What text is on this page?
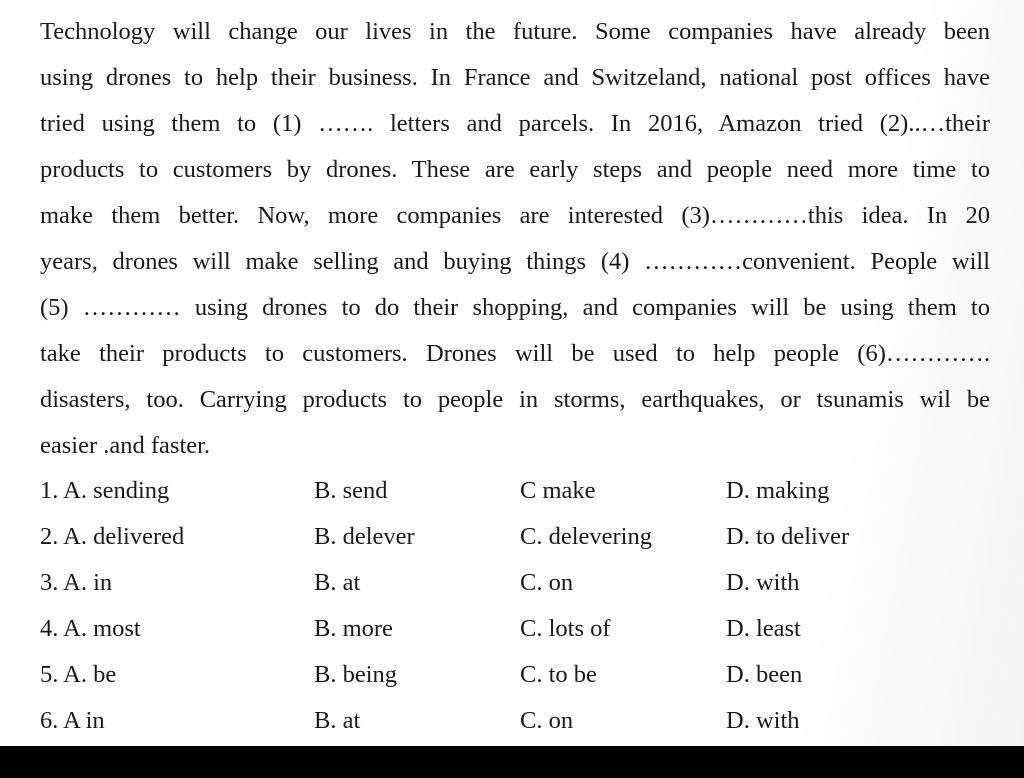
Technology will change our lives in the future. Some companies have already been
using drones to help their business. In France and Switzeland, national post offices have
tried using them to (1) ……. letters and parcels. In 2016, Amazon tried (2)..…their
products to customers by drones. These are early steps and people need more time to
make them better. Now, more companies are interested (3)…………this idea. In 20
years, drones will make selling and buying things (4) …………convenient. People will
(5) ………… using drones to do their shopping, and companies will be using them to
take their products to customers. Drones will be used to help people (6)………….
disasters, too. Carrying products to people in storms, earthquakes, or tsunamis wil be
easier .and faster.
1. A. sending	B. send	C make	D. making
2. A. delivered	B. delever	C. delevering	D. to deliver
3. A. in	B. at	C. on	D. with
4. A. most	B. more	C. lots of	D. least
5. A. be	B. being	C. to be	D. been
6. A in	B. at	C. on	D. with
